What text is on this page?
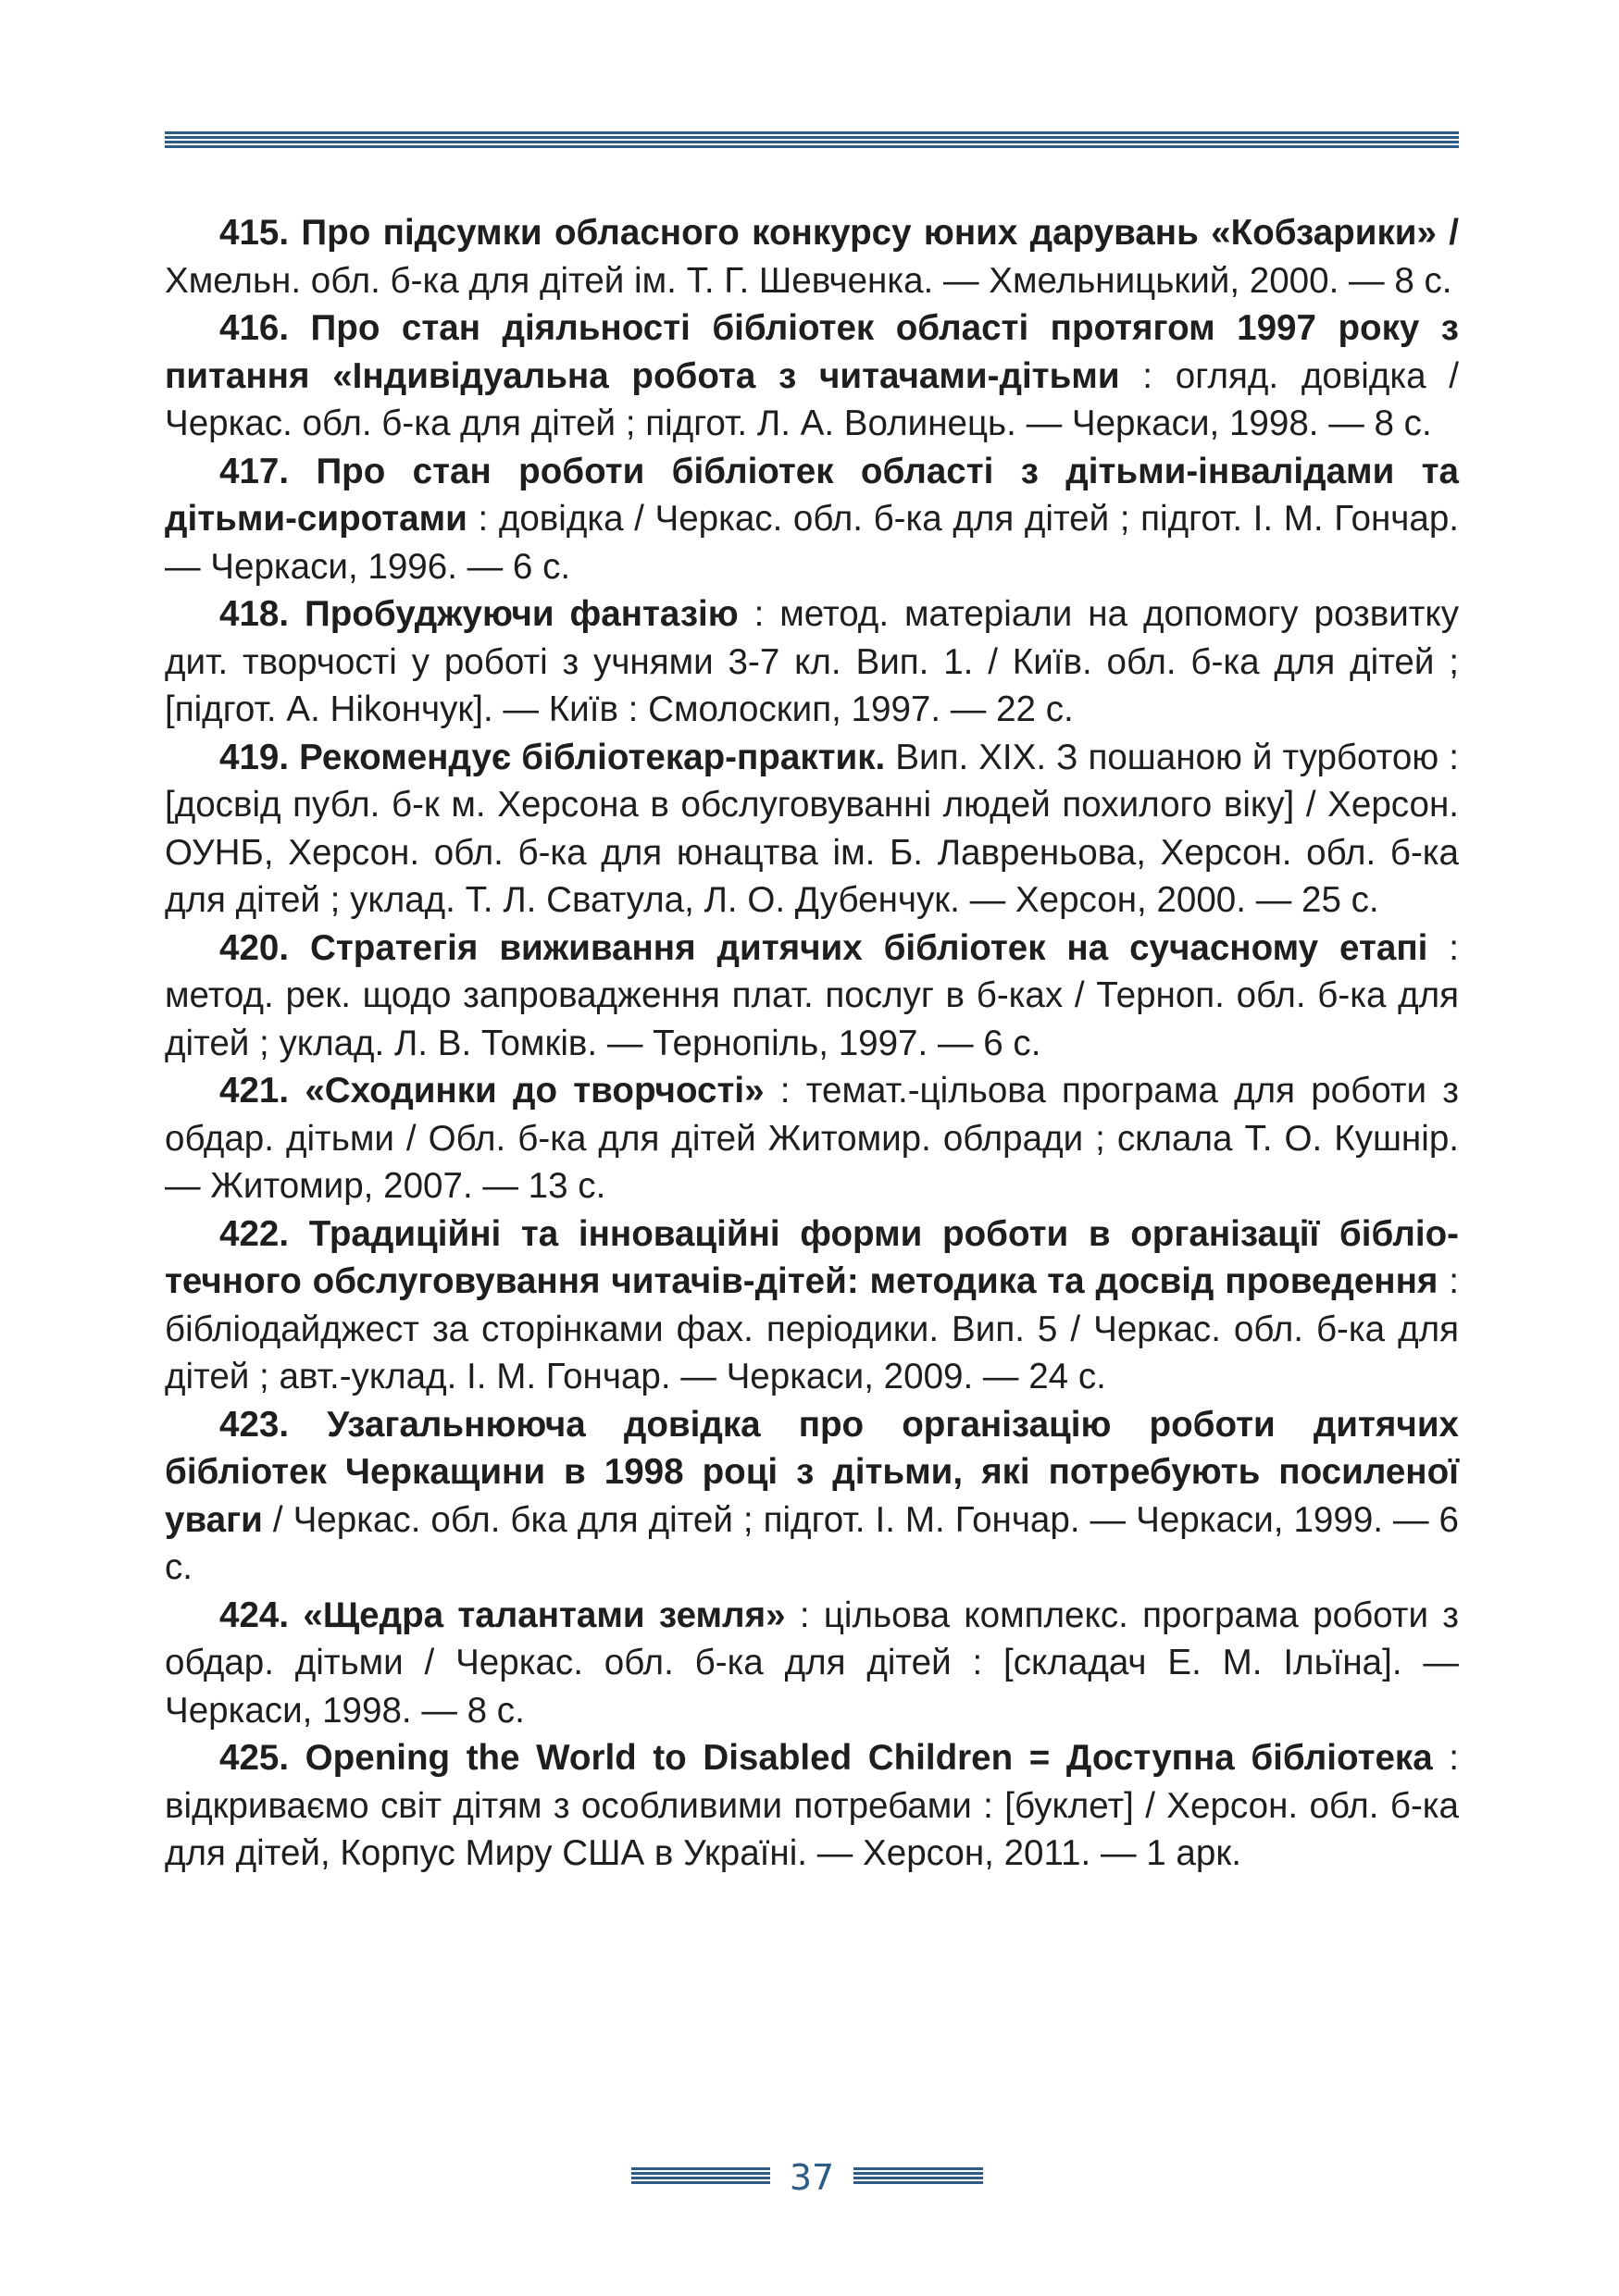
415. Про підсумки обласного конкурсу юних дарувань «Кобзарики» / Хмельн. обл. б-ка для дітей ім. Т. Г. Шевченка. — Хмельницький, 2000. — 8 с.

416. Про стан діяльності бібліотек області протягом 1997 року з питання «Індивідуальна робота з читачами-дітьми : огляд. довідка / Черкас. обл. б-ка для дітей ; підгот. Л. А. Волинець. — Черкаси, 1998. — 8 с.

417. Про стан роботи бібліотек області з дітьми-інвалідами та дітьми-сиротами : довідка / Черкас. обл. б-ка для дітей ; підгот. І. М. Гончар. — Черкаси, 1996. — 6 с.

418. Пробуджуючи фантазію : метод. матеріали на допомогу розвитку дит. творчості у роботі з учнями 3-7 кл. Вип. 1. / Київ. обл. б-ка для дітей ; [підгот. А. Ніkончук]. — Київ : Смолоскип, 1997. — 22 с.

419. Рекомендує бібліотекар-практик. Вип. XIX. З пошаною й турботою : [досвід публ. б-к м. Херсона в обслуговуванні людей похилого віку] / Херсон. ОУНБ, Херсон. обл. б-ка для юнацтва ім. Б. Лавреньова, Херсон. обл. б-ка для дітей ; уклад. Т. Л. Сватула, Л. О. Дубенчук. — Херсон, 2000. — 25 с.

420. Стратегія виживання дитячих бібліотек на сучасному етапі : метод. рек. щодо запровадження плат. послуг в б-ках / Терноп. обл. б-ка для дітей ; уклад. Л. В. Томків. — Тернопіль, 1997. — 6 с.

421. «Сходинки до творчості» : темат.-цільова програма для роботи з обдар. дітьми / Обл. б-ка для дітей Житомир. облради ; склала Т. О. Кушнір. — Житомир, 2007. — 13 с.

422. Традиційні та інноваційні форми роботи в організації бібліотечного обслуговування читачів-дітей: методика та досвід проведення : бібліодайджест за сторінками фах. періодики. Вип. 5 / Черкас. обл. б-ка для дітей ; авт.-уклад. І. М. Гончар. — Черкаси, 2009. — 24 с.

423. Узагальнююча довідка про організацію роботи дитячих бібліотек Черкащини в 1998 році з дітьми, які потребують посиленої уваги / Черкас. обл. бка для дітей ; підгот. І. М. Гончар. — Черкаси, 1999. — 6 с.

424. «Щедра талантами земля» : цільова комплекс. програма роботи з обдар. дітьми / Черкас. обл. б-ка для дітей : [складач Е. М. Ільїна]. — Черкаси, 1998. — 8 с.

425. Opening the World to Disabled Children = Доступна бібліотека : відкриваємо світ дітям з особливими потребами : [буклет] / Херсон. обл. б-ка для дітей, Корпус Миру США в Україні. — Херсон, 2011. — 1 арк.

37
